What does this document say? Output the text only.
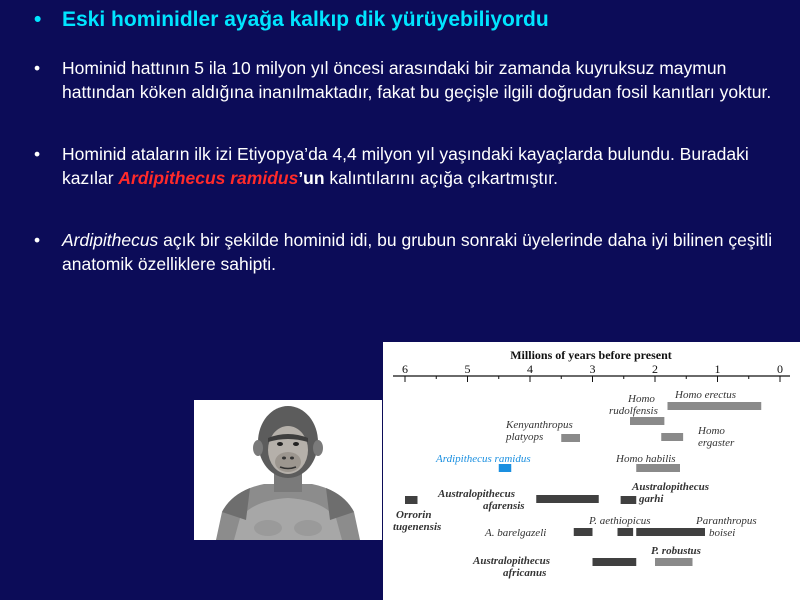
• Eski hominidler ayağa kalkıp dik yürüyebiliyordu
•	Hominid hattının 5 ila 10 milyon yıl öncesi arasındaki bir zamanda kuyruksuz maymun hattından köken aldığına inanılmaktadır, fakat bu geçişle ilgili doğrudan fosil kanıtları yoktur.
•	Hominid ataların ilk izi Etiyopya’da 4,4 milyon yıl yaşındaki kayaçlarda bulundu. Buradaki kazılar Ardipithecus ramidus’un kalıntılarını açığa çıkartmıştır.
•	Ardipithecus açık bir şekilde hominid idi, bu grubun sonraki üyelerinde daha iyi bilinen çeşitli anatomik özelliklere sahipti.
Millions of years before present
6	5	4	3	2	1	0
Homo erectus
Homo
rudolfensis
Kenyanthropus
platyops	Homo
ergaster
Ardipithecus ramidus	Homo habilis
Australopithecus
garhi
Australopithecus
afarensis
Orrorin
tugenensis	P. aethiopicus	Paranthropus
boisei
A. barelgazeli
P. robustus
Australopithecus
africanus
